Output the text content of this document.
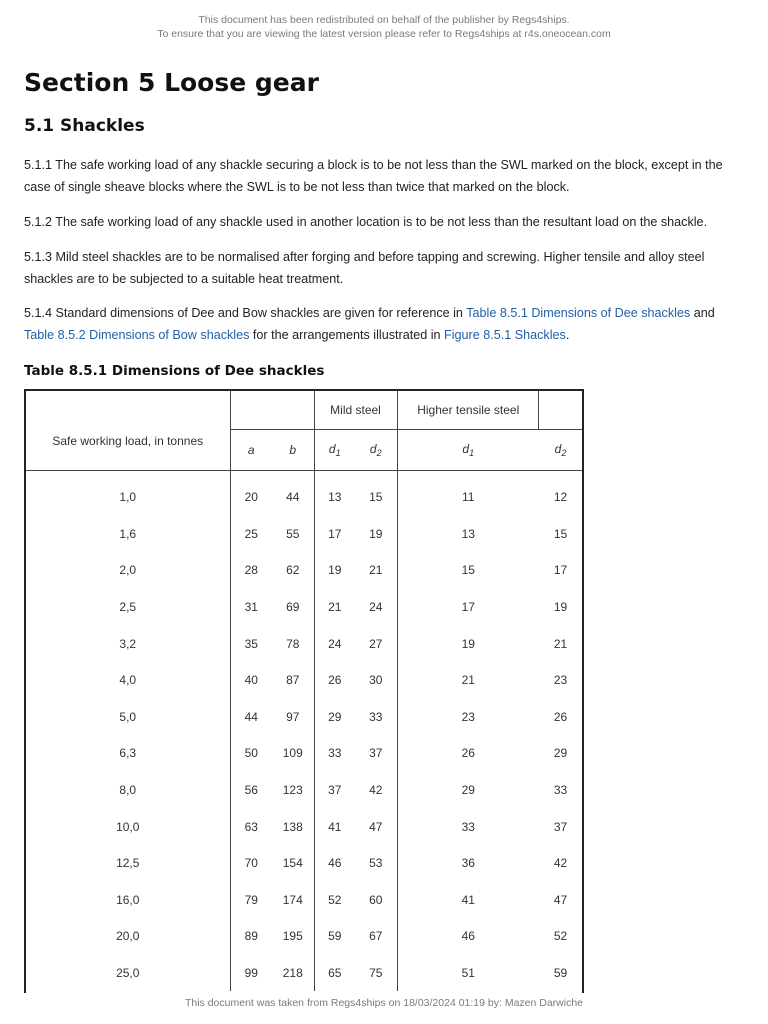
This document has been redistributed on behalf of the publisher by Regs4ships.
To ensure that you are viewing the latest version please refer to Regs4ships at r4s.oneocean.com
Section 5 Loose gear
5.1 Shackles

5.1.1 The safe working load of any shackle securing a block is to be not less than the SWL marked on the block, except in the case of single sheave blocks where the SWL is to be not less than twice that marked on the block.

5.1.2 The safe working load of any shackle used in another location is to be not less than the resultant load on the shackle.

5.1.3 Mild steel shackles are to be normalised after forging and before tapping and screwing. Higher tensile and alloy steel shackles are to be subjected to a suitable heat treatment.

5.1.4 Standard dimensions of Dee and Bow shackles are given for reference in Table 8.5.1 Dimensions of Dee shackles and Table 8.5.2 Dimensions of Bow shackles for the arrangements illustrated in Figure 8.5.1 Shackles.

Table 8.5.1 Dimensions of Dee shackles

Safe working load, in tonnes			Mild steel		Higher tensile steel	
	a	b	$d_1$	$d_2$	$d_1$	$d_2$

1,0	20	44	13	15	11	12
1,6	25	55	17	19	13	15
2,0	28	62	19	21	15	17
2,5	31	69	21	24	17	19
3,2	35	78	24	27	19	21
4,0	40	87	26	30	21	23
5,0	44	97	29	33	23	26
6,3	50	109	33	37	26	29
8,0	56	123	37	42	29	33
10,0	63	138	41	47	33	37
12,5	70	154	46	53	36	42
16,0	79	174	52	60	41	47
20,0	89	195	59	67	46	52
25,0	99	218	65	75	51	59
This document was taken from Regs4ships on 18/03/2024 01:19 by: Mazen Darwiche
